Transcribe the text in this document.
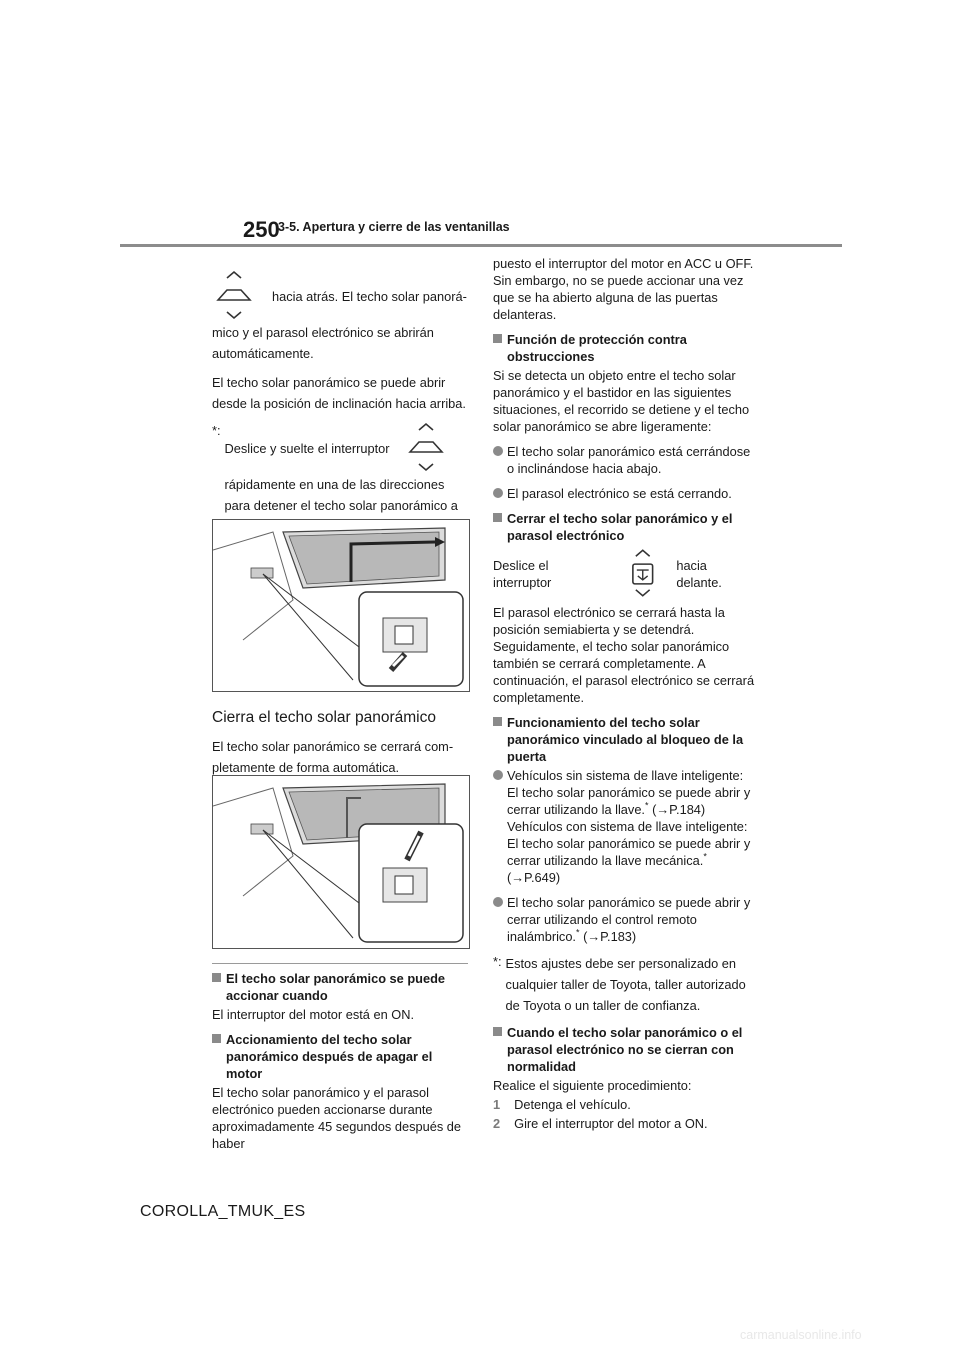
250
3-5. Apertura y cierre de las ventanillas
hacia atrás. El techo solar panorá-

mico y el parasol electrónico se abrirán automáticamente.

El techo solar panorámico se puede abrir desde la posición de inclinación hacia arriba.

*:
Deslice y suelte el interruptor
rápidamente en una de las direcciones para detener el techo solar panorámico a

Cierra el techo solar panorámico

El techo solar panorámico se cerrará com-

pletamente de forma automática.

El techo solar panorámico se puede accionar cuando

El interruptor del motor está en ON.

Accionamiento del techo solar panorámico después de apagar el motor

El techo solar panorámico y el parasol electrónico pueden accionarse durante aproximadamente 45 segundos después de haber

puesto el interruptor del motor en ACC u OFF. Sin embargo, no se puede accionar una vez que se ha abierto alguna de las puertas delanteras.

Función de protección contra obstrucciones

Si se detecta un objeto entre el techo solar panorámico y el bastidor en las siguientes situaciones, el recorrido se detiene y el techo solar panorámico se abre ligeramente:

El techo solar panorámico está cerrándose o inclinándose hacia abajo.

El parasol electrónico se está cerrando.

Cerrar el techo solar panorámico y el parasol electrónico

Deslice el interruptor
hacia delante.

El parasol electrónico se cerrará hasta la posición semiabierta y se detendrá. Seguidamente, el techo solar panorámico también se cerrará completamente. A continuación, el parasol electrónico se cerrará completamente.

Funcionamiento del techo solar panorámico vinculado al bloqueo de la puerta

Vehículos sin sistema de llave inteligente: El techo solar panorámico se puede abrir y cerrar utilizando la llave.* (→P.184) Vehículos con sistema de llave inteligente: El techo solar panorámico se puede abrir y cerrar utilizando la llave mecánica.* (→P.649)

El techo solar panorámico se puede abrir y cerrar utilizando el control remoto inalámbrico.* (→P.183)

*: Estos ajustes debe ser personalizado en cualquier taller de Toyota, taller autorizado de Toyota o un taller de confianza.

Cuando el techo solar panorámico o el parasol electrónico no se cierran con normalidad

Realice el siguiente procedimiento:

1 Detenga el vehículo.
2 Gire el interruptor del motor a ON.
COROLLA_TMUK_ES
carmanualsonline.info
